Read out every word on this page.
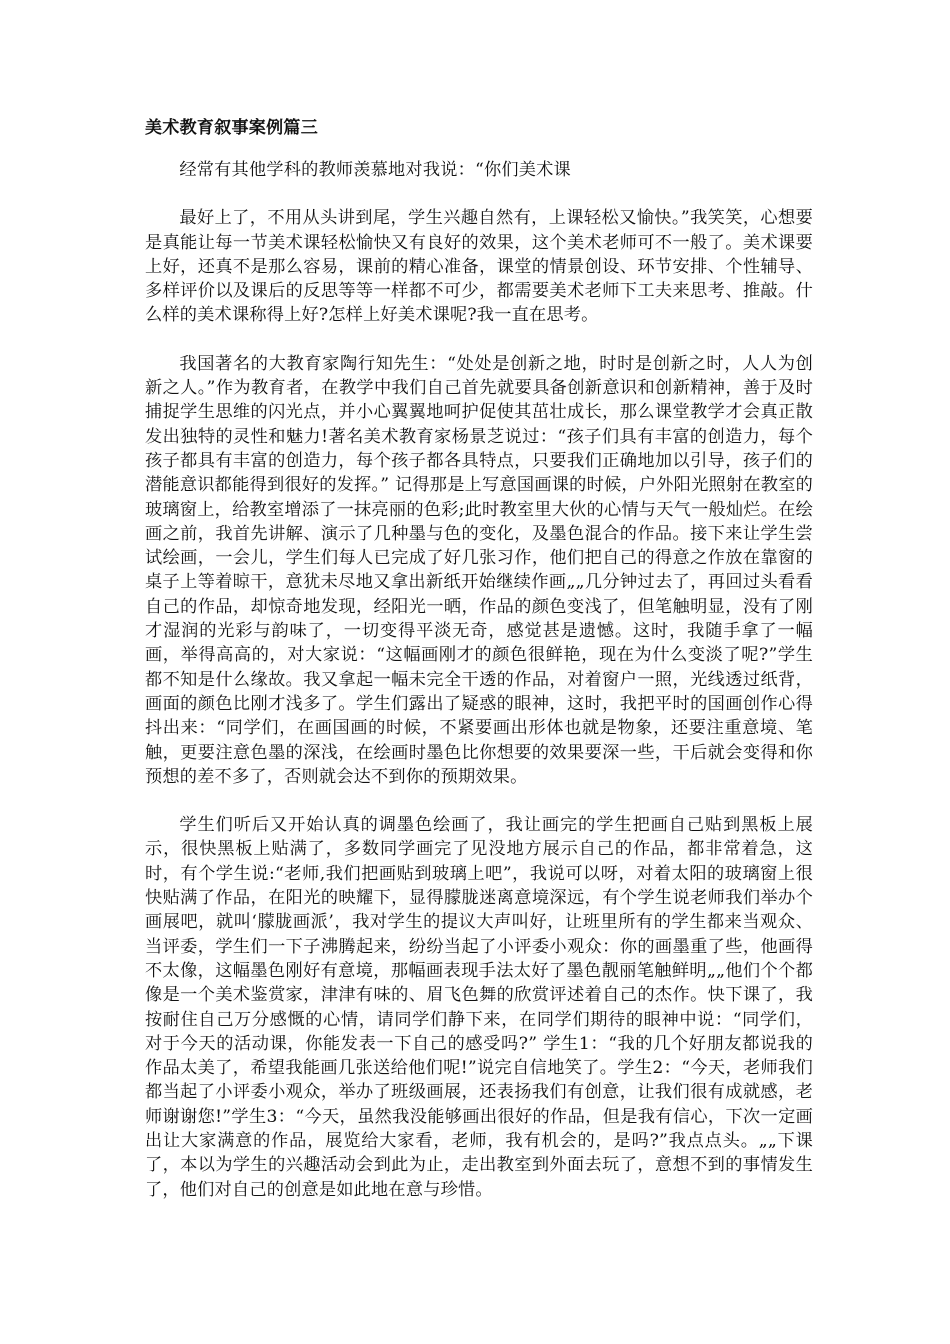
美术教育叙事案例篇三

经常有其他学科的教师羡慕地对我说：“你们美术课

最好上了，不用从头讲到尾，学生兴趣自然有，上课轻松又愉快。”我笑笑，心想要是真能让每一节美术课轻松愉快又有良好的效果，这个美术老师可不一般了。美术课要上好，还真不是那么容易，课前的精心准备，课堂的情景创设、环节安排、个性辅导、多样评价以及课后的反思等等一样都不可少，都需要美术老师下工夫来思考、推敲。什么样的美术课称得上好?怎样上好美术课呢?我一直在思考。

我国著名的大教育家陶行知先生：“处处是创新之地，时时是创新之时，人人为创新之人。”作为教育者，在教学中我们自己首先就要具备创新意识和创新精神，善于及时捕捉学生思维的闪光点，并小心翼翼地呵护促使其茁壮成长，那么课堂教学才会真正散发出独特的灵性和魅力!著名美术教育家杨景芝说过：“孩子们具有丰富的创造力，每个孩子都具有丰富的创造力，每个孩子都各具特点，只要我们正确地加以引导，孩子们的潜能意识都能得到很好的发挥。” 记得那是上写意国画课的时候，户外阳光照射在教室的玻璃窗上，给教室增添了一抹亮丽的色彩;此时教室里大伙的心情与天气一般灿烂。在绘画之前，我首先讲解、演示了几种墨与色的变化，及墨色混合的作品。接下来让学生尝试绘画，一会儿，学生们每人已完成了好几张习作，他们把自己的得意之作放在靠窗的桌子上等着晾干，意犹未尽地又拿出新纸开始继续作画„„几分钟过去了，再回过头看看自己的作品，却惊奇地发现，经阳光一晒，作品的颜色变浅了，但笔触明显，没有了刚才湿润的光彩与韵味了，一切变得平淡无奇，感觉甚是遗憾。这时，我随手拿了一幅画，举得高高的，对大家说：“这幅画刚才的颜色很鲜艳，现在为什么变淡了呢?”学生都不知是什么缘故。我又拿起一幅未完全干透的作品，对着窗户一照，光线透过纸背，画面的颜色比刚才浅多了。学生们露出了疑惑的眼神，这时，我把平时的国画创作心得抖出来：“同学们，在画国画的时候，不紧要画出形体也就是物象，还要注重意境、笔触，更要注意色墨的深浅，在绘画时墨色比你想要的效果要深一些，干后就会变得和你预想的差不多了，否则就会达不到你的预期效果。

学生们听后又开始认真的调墨色绘画了，我让画完的学生把画自己贴到黑板上展示，很快黑板上贴满了，多数同学画完了见没地方展示自己的作品，都非常着急，这时，有个学生说:“老师,我们把画贴到玻璃上吧”，我说可以呀，对着太阳的玻璃窗上很快贴满了作品，在阳光的映耀下，显得朦胧迷离意境深远，有个学生说老师我们举办个画展吧，就叫‘朦胧画派’，我对学生的提议大声叫好，让班里所有的学生都来当观众、当评委，学生们一下子沸腾起来，纷纷当起了小评委小观众：你的画墨重了些，他画得不太像，这幅墨色刚好有意境，那幅画表现手法太好了墨色靓丽笔触鲜明„„他们个个都像是一个美术鉴赏家，津津有味的、眉飞色舞的欣赏评述着自己的杰作。快下课了，我按耐住自己万分感慨的心情，请同学们静下来，在同学们期待的眼神中说：“同学们，对于今天的活动课，你能发表一下自己的感受吗?” 学生1：“我的几个好朋友都说我的作品太美了，希望我能画几张送给他们呢!”说完自信地笑了。学生2：“今天，老师我们都当起了小评委小观众，举办了班级画展，还表扬我们有创意，让我们很有成就感，老师谢谢您!”学生3：“今天，虽然我没能够画出很好的作品，但是我有信心，下次一定画出让大家满意的作品，展览给大家看，老师，我有机会的，是吗?”我点点头。„„下课了，本以为学生的兴趣活动会到此为止，走出教室到外面去玩了，意想不到的事情发生了，他们对自己的创意是如此地在意与珍惜。
